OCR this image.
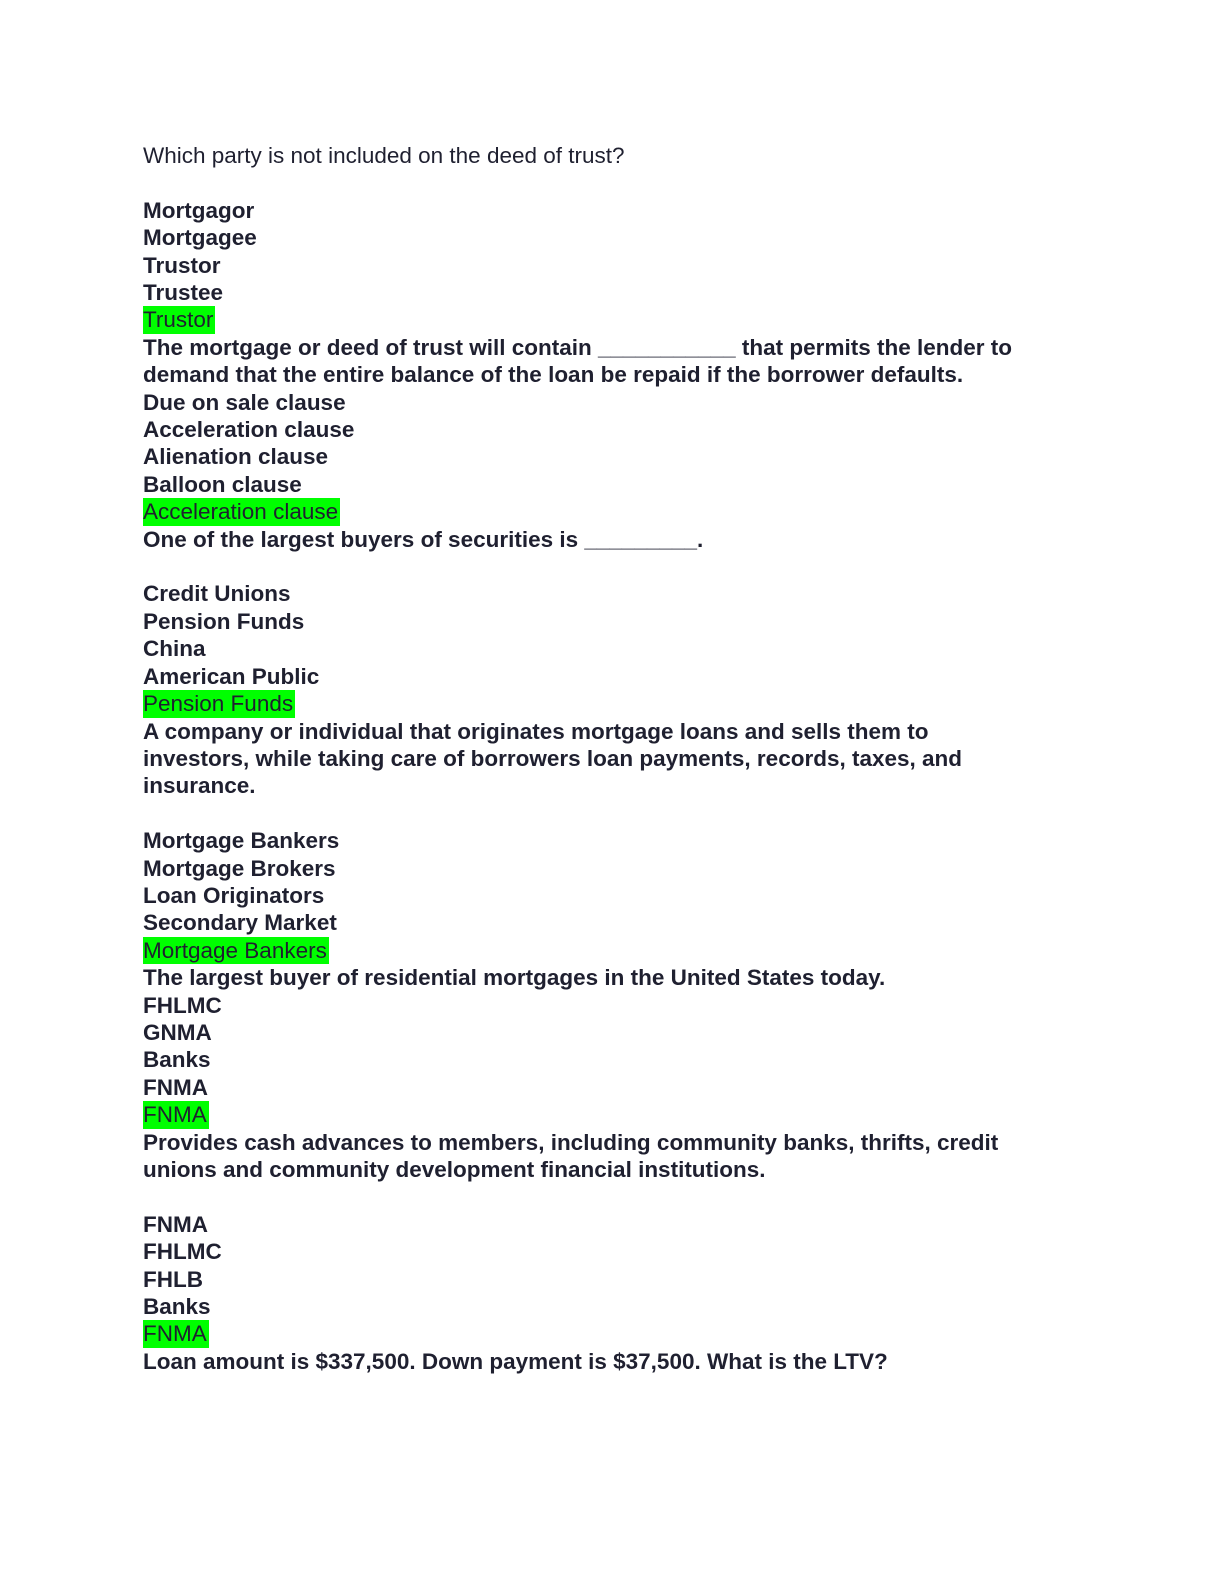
Which party is not included on the deed of trust?
Mortgagor
Mortgagee
Trustor
Trustee
Trustor
The mortgage or deed of trust will contain ___________ that permits the lender to
demand that the entire balance of the loan be repaid if the borrower defaults.
Due on sale clause
Acceleration clause
Alienation clause
Balloon clause
Acceleration clause
One of the largest buyers of securities is _________.
Credit Unions
Pension Funds
China
American Public
Pension Funds
A company or individual that originates mortgage loans and sells them to
investors, while taking care of borrowers loan payments, records, taxes, and
insurance.
Mortgage Bankers
Mortgage Brokers
Loan Originators
Secondary Market
Mortgage Bankers
The largest buyer of residential mortgages in the United States today.
FHLMC
GNMA
Banks
FNMA
FNMA
Provides cash advances to members, including community banks, thrifts, credit
unions and community development financial institutions.
FNMA
FHLMC
FHLB
Banks
FNMA
Loan amount is $337,500. Down payment is $37,500. What is the LTV?
